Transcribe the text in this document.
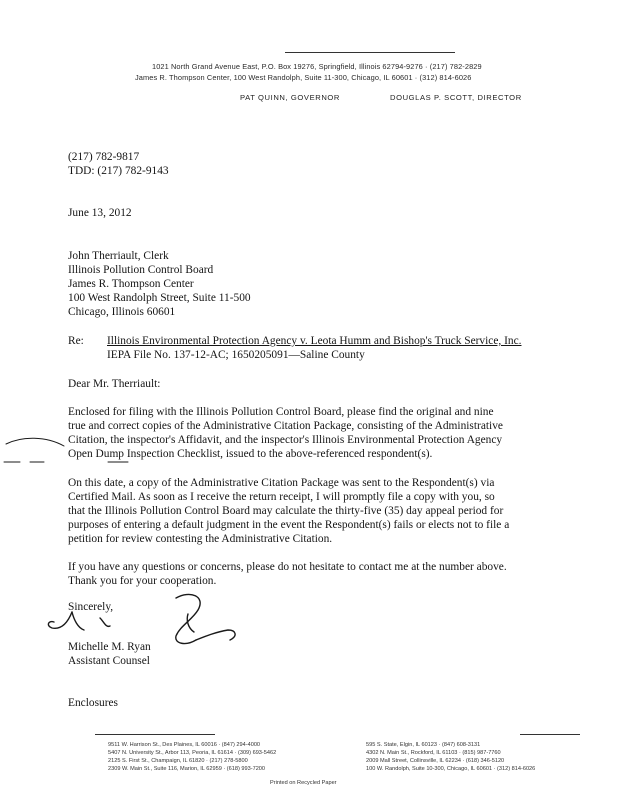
1021 North Grand Avenue East, P.O. Box 19276, Springfield, Illinois 62794-9276 · (217) 782-2829
James R. Thompson Center, 100 West Randolph, Suite 11-300, Chicago, IL 60601 · (312) 814-6026
PAT QUINN, GOVERNOR	DOUGLAS P. SCOTT, DIRECTOR
(217) 782-9817
TDD: (217) 782-9143
June 13, 2012
John Therriault, Clerk
Illinois Pollution Control Board
James R. Thompson Center
100 West Randolph Street, Suite 11-500
Chicago, Illinois 60601
Re: Illinois Environmental Protection Agency v. Leota Humm and Bishop's Truck Service, Inc.
IEPA File No. 137-12-AC; 1650205091—Saline County
Dear Mr. Therriault:
Enclosed for filing with the Illinois Pollution Control Board, please find the original and nine
true and correct copies of the Administrative Citation Package, consisting of the Administrative
Citation, the inspector's Affidavit, and the inspector's Illinois Environmental Protection Agency
Open Dump Inspection Checklist, issued to the above-referenced respondent(s).
On this date, a copy of the Administrative Citation Package was sent to the Respondent(s) via
Certified Mail. As soon as I receive the return receipt, I will promptly file a copy with you, so
that the Illinois Pollution Control Board may calculate the thirty-five (35) day appeal period for
purposes of entering a default judgment in the event the Respondent(s) fails or elects not to file a
petition for review contesting the Administrative Citation.
If you have any questions or concerns, please do not hesitate to contact me at the number above.
Thank you for your cooperation.
Sincerely,
Michelle M. Ryan
Assistant Counsel
Enclosures
9511 W. Harrison St., Des Plaines, IL 60016 · (847) 294-4000
5407 N. University St., Arbor 113, Peoria, IL 61614 · (309) 693-5462
2125 S. First St., Champaign, IL 61820 · (217) 278-5800
2309 W. Main St., Suite 116, Marion, IL 62959 · (618) 993-7200
595 S. State, Elgin, IL 60123 · (847) 608-3131
4302 N. Main St., Rockford, IL 61103 · (815) 987-7760
2009 Mall Street, Collinsville, IL 62234 · (618) 346-5120
100 W. Randolph, Suite 10-300, Chicago, IL 60601 · (312) 814-6026
Printed on Recycled Paper
